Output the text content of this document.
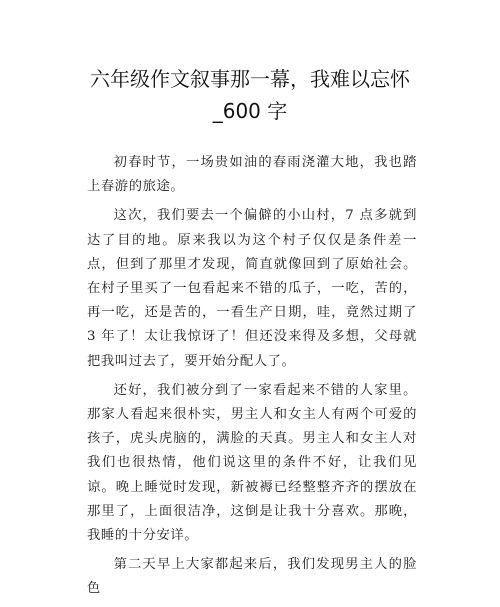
六年级作文叙事那一幕，我难以忘怀
_600 字

初春时节，一场贵如油的春雨浇灌大地，我也踏上春游的旅途。

这次，我们要去一个偏僻的小山村，7 点多就到达了目的地。原来我以为这个村子仅仅是条件差一点，但到了那里才发现，简直就像回到了原始社会。在村子里买了一包看起来不错的瓜子，一吃，苦的，再一吃，还是苦的，一看生产日期，哇，竟然过期了 3 年了！太让我惊讶了！但还没来得及多想，父母就把我叫过去了，要开始分配人了。

还好，我们被分到了一家看起来不错的人家里。那家人看起来很朴实，男主人和女主人有两个可爱的孩子，虎头虎脑的，满脸的天真。男主人和女主人对我们也很热情，他们说这里的条件不好，让我们见谅。晚上睡觉时发现，新被褥已经整整齐齐的摆放在那里了，上面很洁净，这倒是让我十分喜欢。那晚，我睡的十分安详。

第二天早上大家都起来后，我们发现男主人的脸色
